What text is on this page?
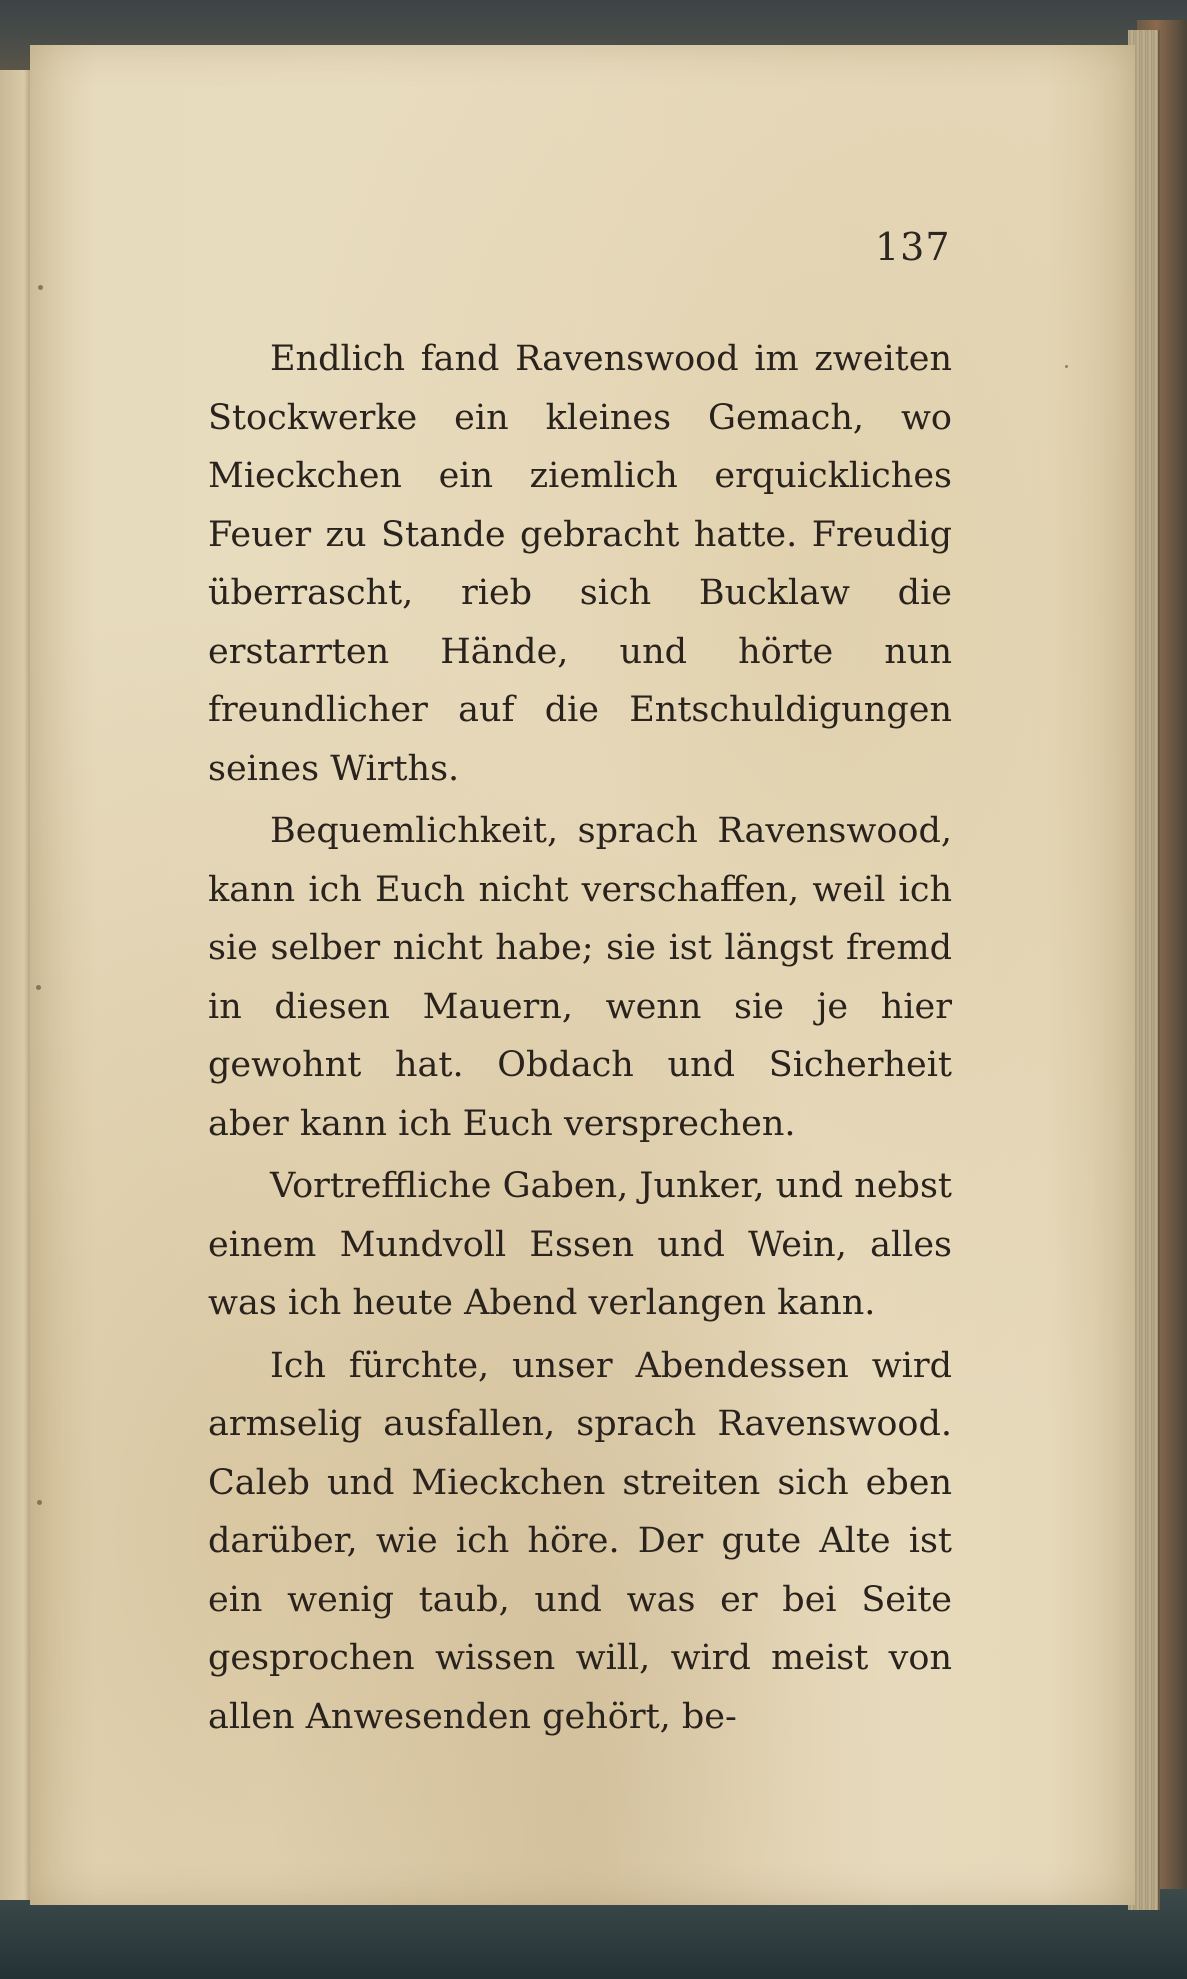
137

Endlich fand Ravenswood im zweiten Stockwerke ein kleines Gemach, wo Mieckchen ein ziemlich erquickliches Feuer zu Stande gebracht hatte. Freudig überrascht, rieb sich Bucklaw die erstarrten Hände, und hörte nun freundlicher auf die Entschuldigungen seines Wirths.

Bequemlichkeit, sprach Ravenswood, kann ich Euch nicht verschaffen, weil ich sie selber nicht habe; sie ist längst fremd in diesen Mauern, wenn sie je hier gewohnt hat. Obdach und Sicherheit aber kann ich Euch versprechen.

Vortreffliche Gaben, Junker, und nebst einem Mundvoll Essen und Wein, alles was ich heute Abend verlangen kann.

Ich fürchte, unser Abendessen wird armselig ausfallen, sprach Ravenswood. Caleb und Mieckchen streiten sich eben darüber, wie ich höre. Der gute Alte ist ein wenig taub, und was er bei Seite gesprochen wissen will, wird meist von allen Anwesenden gehört, be-
